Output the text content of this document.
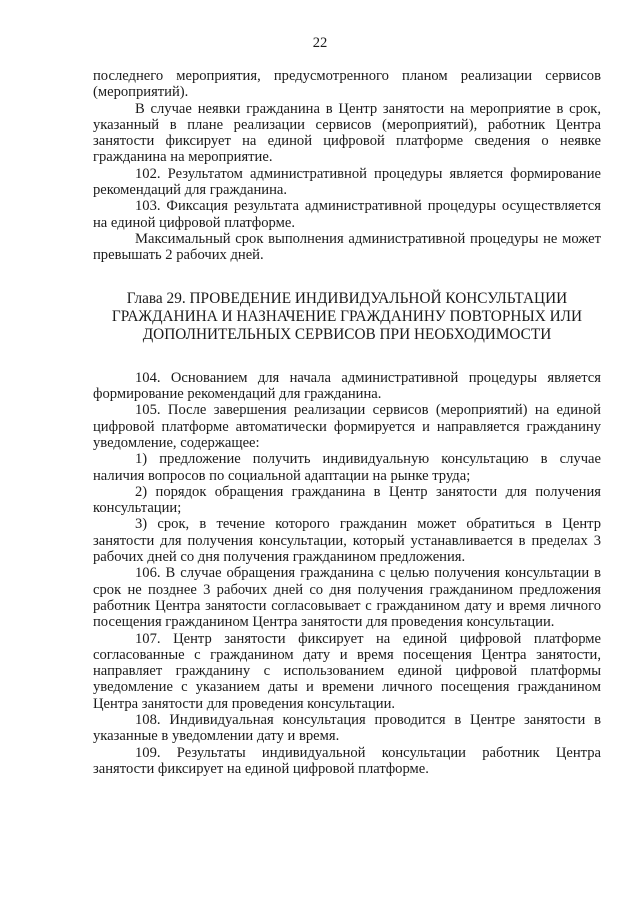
22

последнего мероприятия, предусмотренного планом реализации сервисов (мероприятий).

В случае неявки гражданина в Центр занятости на мероприятие в срок, указанный в плане реализации сервисов (мероприятий), работник Центра занятости фиксирует на единой цифровой платформе сведения о неявке гражданина на мероприятие.

102. Результатом административной процедуры является формирование рекомендаций для гражданина.

103. Фиксация результата административной процедуры осуществляется на единой цифровой платформе.

Максимальный срок выполнения административной процедуры не может превышать 2 рабочих дней.

Глава 29. ПРОВЕДЕНИЕ ИНДИВИДУАЛЬНОЙ КОНСУЛЬТАЦИИ
ГРАЖДАНИНА И НАЗНАЧЕНИЕ ГРАЖДАНИНУ ПОВТОРНЫХ ИЛИ
ДОПОЛНИТЕЛЬНЫХ СЕРВИСОВ ПРИ НЕОБХОДИМОСТИ

104. Основанием для начала административной процедуры является формирование рекомендаций для гражданина.

105. После завершения реализации сервисов (мероприятий) на единой цифровой платформе автоматически формируется и направляется гражданину уведомление, содержащее:

1) предложение получить индивидуальную консультацию в случае наличия вопросов по социальной адаптации на рынке труда;

2) порядок обращения гражданина в Центр занятости для получения консультации;

3) срок, в течение которого гражданин может обратиться в Центр занятости для получения консультации, который устанавливается в пределах 3 рабочих дней со дня получения гражданином предложения.

106. В случае обращения гражданина с целью получения консультации в срок не позднее 3 рабочих дней со дня получения гражданином предложения работник Центра занятости согласовывает с гражданином дату и время личного посещения гражданином Центра занятости для проведения консультации.

107. Центр занятости фиксирует на единой цифровой платформе согласованные с гражданином дату и время посещения Центра занятости, направляет гражданину с использованием единой цифровой платформы уведомление с указанием даты и времени личного посещения гражданином Центра занятости для проведения консультации.

108. Индивидуальная консультация проводится в Центре занятости в указанные в уведомлении дату и время.

109. Результаты индивидуальной консультации работник Центра занятости фиксирует на единой цифровой платформе.
